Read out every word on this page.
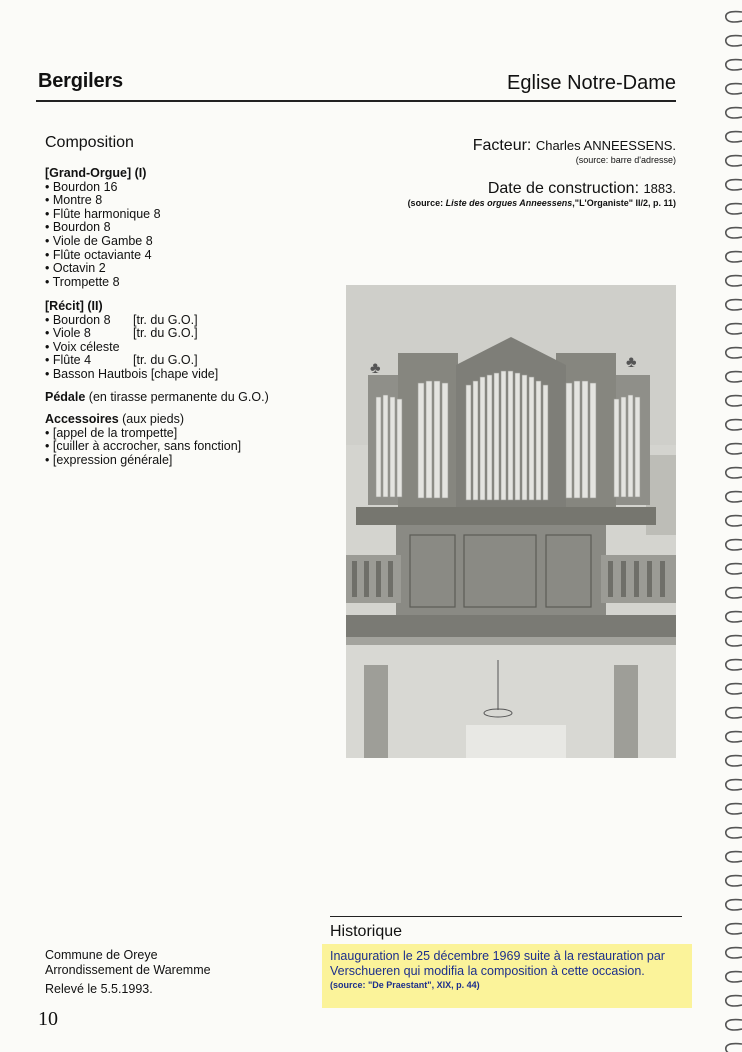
Bergilers	Eglise Notre-Dame
Composition
[Grand-Orgue] (I)
• Bourdon 16
• Montre 8
• Flûte harmonique 8
• Bourdon 8
• Viole de Gambe 8
• Flûte octaviante 4
• Octavin 2
• Trompette 8
[Récit] (II)
• Bourdon 8 [tr. du G.O.]
• Viole 8	[tr. du G.O.]
• Voix céleste
• Flûte 4	[tr. du G.O.]
• Basson Hautbois [chape vide]
Pédale (en tirasse permanente du G.O.)
Accessoires (aux pieds)
• [appel de la trompette]
• [cuiller à accrocher, sans fonction]
• [expression générale]
Facteur: Charles ANNEESSENS.
(source: barre d'adresse)
Date de construction: 1883.
(source: Liste des orgues Anneessens,"L'Organiste" II/2, p. 11)
♣	♣
Historique
Inauguration le 25 décembre 1969 suite à la restauration par
Verschueren qui modifia la composition à cette occasion.
(source: "De Praestant", XIX, p. 44)
Commune de Oreye
Arrondissement de Waremme
Relevé le 5.5.1993.
10
